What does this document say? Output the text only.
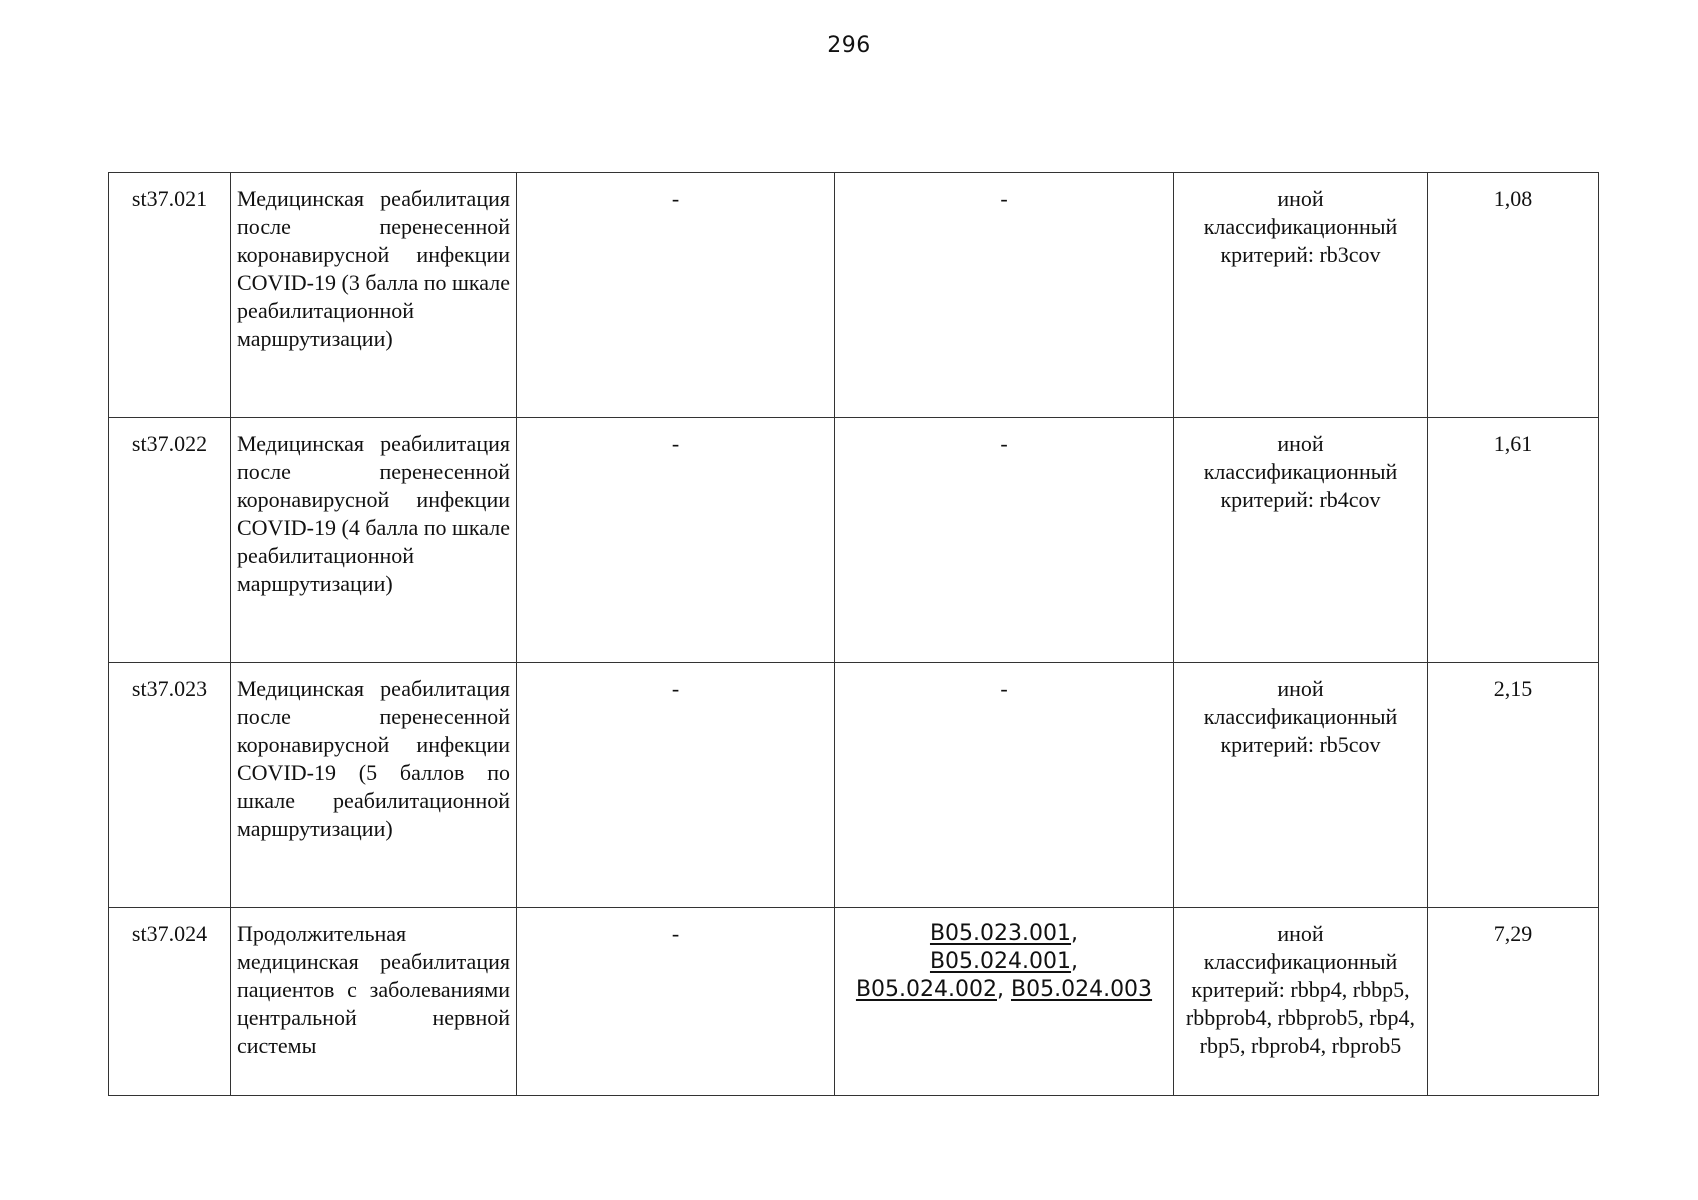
296
st37.021	Медицинская реабилитация после перенесенной коронавирусной инфекции COVID-19 (3 балла по шкале реабилитационной маршрутизации)	-	-	иной классификационный критерий: rb3cov	1,08
st37.022	Медицинская реабилитация после перенесенной коронавирусной инфекции COVID-19 (4 балла по шкале реабилитационной маршрутизации)	-	-	иной классификационный критерий: rb4cov	1,61
st37.023	Медицинская реабилитация после перенесенной коронавирусной инфекции COVID-19 (5 баллов по шкале реабилитационной маршрутизации)	-	-	иной классификационный критерий: rb5cov	2,15
st37.024	Продолжительная медицинская реабилитация пациентов с заболеваниями центральной нервной системы	-	B05.023.001,
B05.024.001,
B05.024.002, B05.024.003	иной классификационный критерий: rbbp4, rbbp5, rbbprob4, rbbprob5, rbp4, rbp5, rbprob4, rbprob5	7,29
